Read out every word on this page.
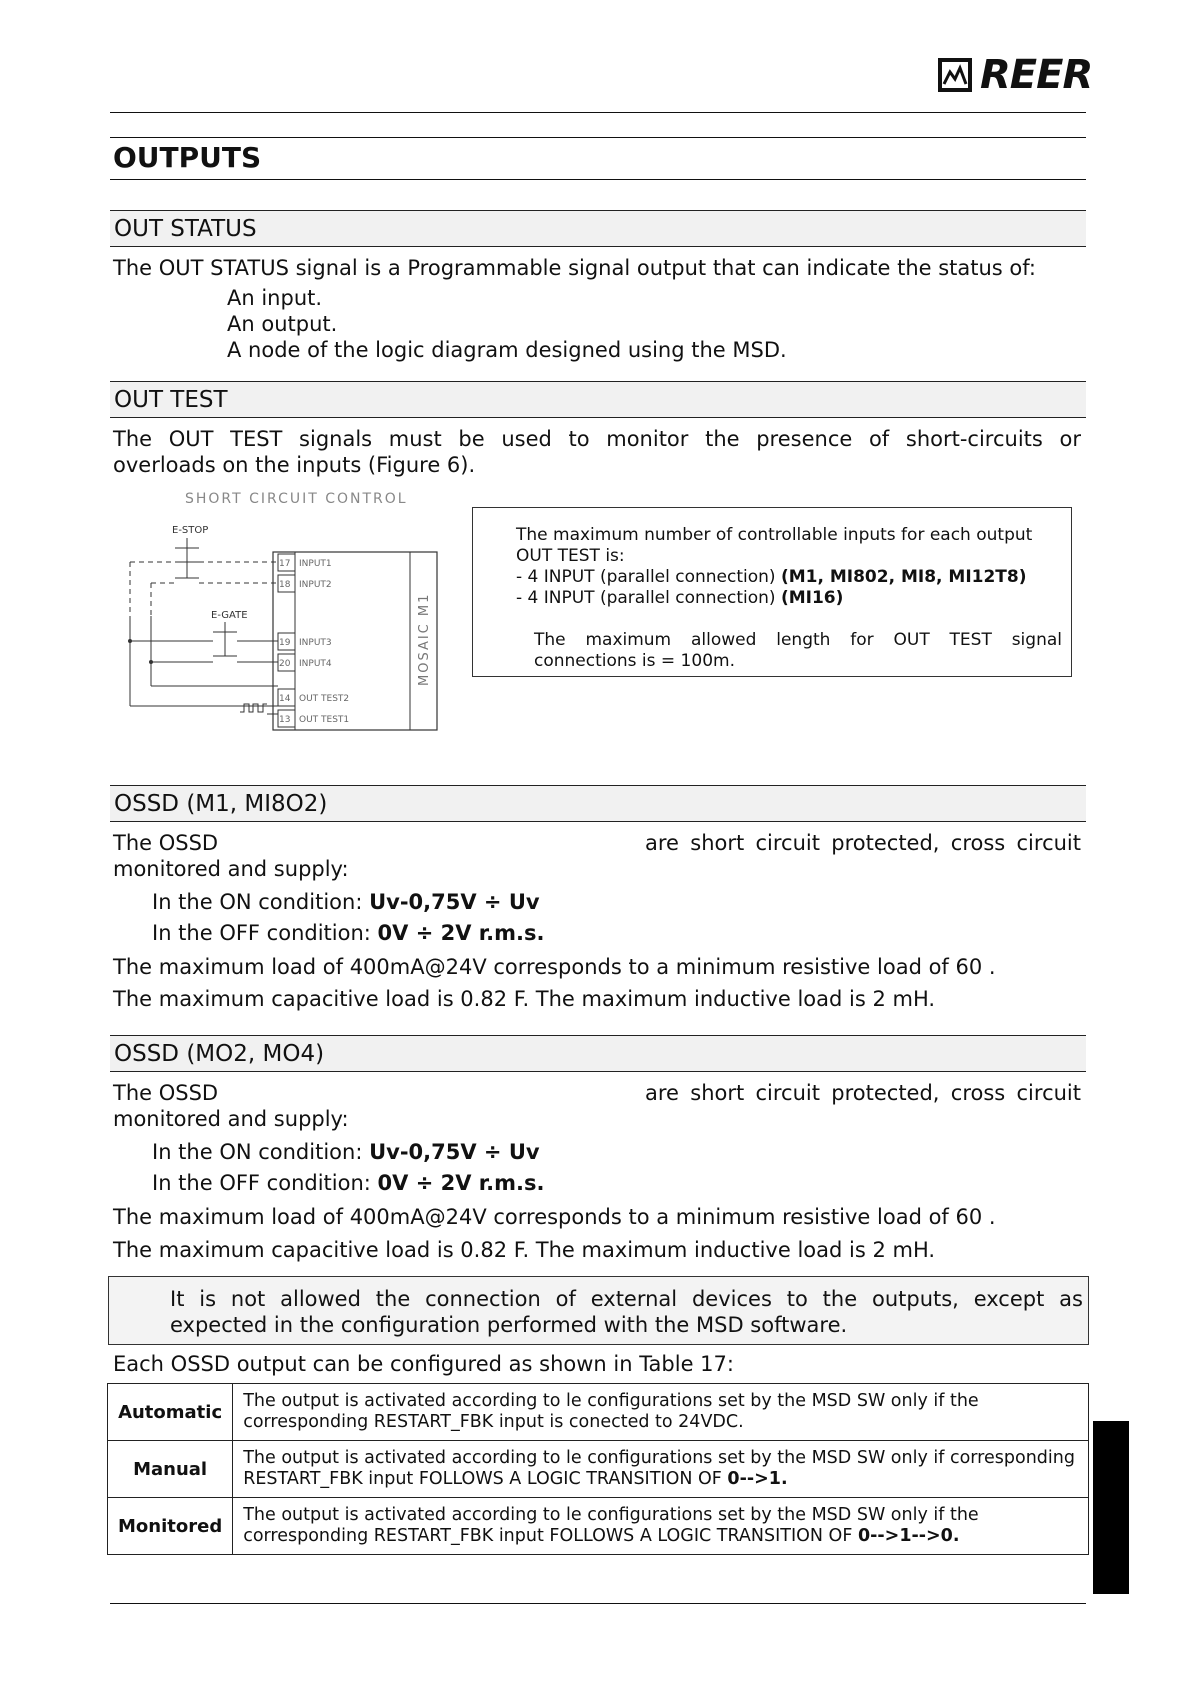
REER
OUTPUTS
OUT STATUS
The OUT STATUS signal is a Programmable signal output that can indicate the status of:
An input.
An output.
A node of the logic diagram designed using the MSD.
OUT TEST
The OUT TEST signals must be used to monitor the presence of short-circuits or
overloads on the inputs (Figure 6).
SHORT CIRCUIT CONTROL
E-STOP
E-GATE	MOSAIC M1
17 INPUT1
18 INPUT2
19 INPUT3
20 INPUT4
14 OUT TEST2
13 OUT TEST1
The maximum number of controllable inputs for each output
OUT TEST is:
- 4 INPUT (parallel connection) (M1, MI802, MI8, MI12T8)
- 4 INPUT (parallel connection) (MI16)
The maximum allowed length for OUT TEST signal
connections is = 100m.
OSSD (M1, MI8O2)
The OSSD	are short circuit protected, cross circuit
monitored and supply:
In the ON condition: Uv-0,75V ÷ Uv
In the OFF condition: 0V ÷ 2V r.m.s.
The maximum load of 400mA@24V corresponds to a minimum resistive load of 60 .
The maximum capacitive load is 0.82 F. The maximum inductive load is 2 mH.
OSSD (MO2, MO4)
The OSSD	are short circuit protected, cross circuit
monitored and supply:
In the ON condition: Uv-0,75V ÷ Uv
In the OFF condition: 0V ÷ 2V r.m.s.
The maximum load of 400mA@24V corresponds to a minimum resistive load of 60 .
The maximum capacitive load is 0.82 F. The maximum inductive load is 2 mH.
It is not allowed the connection of external devices to the outputs, except as
expected in the configuration performed with the MSD software.
Each OSSD output can be configured as shown in Table 17:
Automatic	The output is activated according to le configurations set by the MSD SW only if the
corresponding RESTART_FBK input is conected to 24VDC.

Manual	The output is activated according to le configurations set by the MSD SW only if corresponding
RESTART_FBK input FOLLOWS A LOGIC TRANSITION OF 0-->1.

Monitored	The output is activated according to le configurations set by the MSD SW only if the
corresponding RESTART_FBK input FOLLOWS A LOGIC TRANSITION OF 0-->1-->0.
